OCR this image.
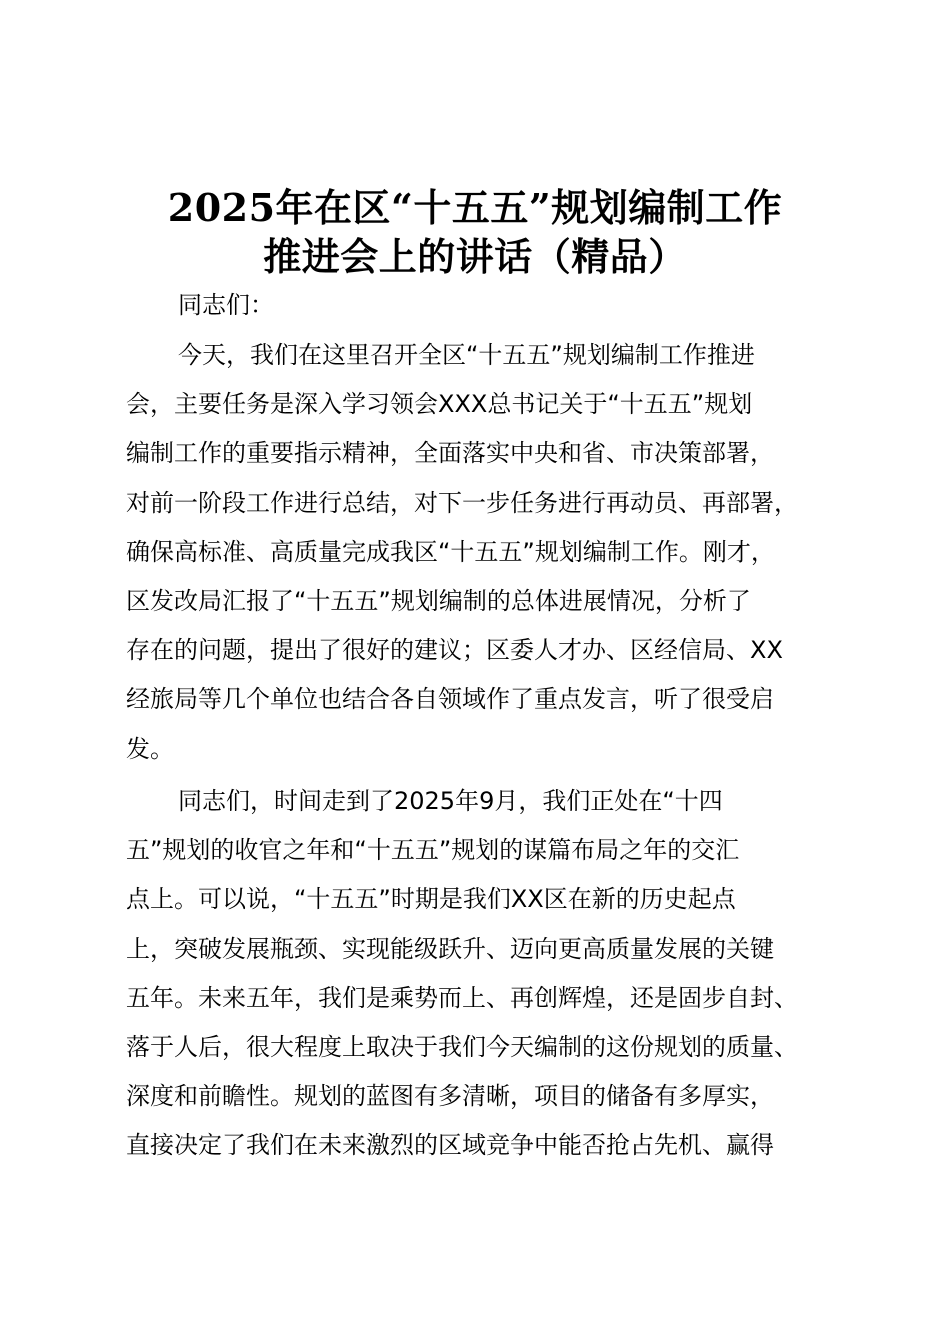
2025年在区“十五五”规划编制工作
推进会上的讲话（精品）

同志们：

今天，我们在这里召开全区“十五五”规划编制工作推进
会，主要任务是深入学习领会XXX总书记关于“十五五”规划
编制工作的重要指示精神，全面落实中央和省、市决策部署，
对前一阶段工作进行总结，对下一步任务进行再动员、再部署，
确保高标准、高质量完成我区“十五五”规划编制工作。刚才，
区发改局汇报了“十五五”规划编制的总体进展情况，分析了
存在的问题，提出了很好的建议；区委人才办、区经信局、XX
经旅局等几个单位也结合各自领域作了重点发言，听了很受启
发。
同志们，时间走到了2025年9月，我们正处在“十四
五”规划的收官之年和“十五五”规划的谋篇布局之年的交汇
点上。可以说，“十五五”时期是我们XX区在新的历史起点
上，突破发展瓶颈、实现能级跃升、迈向更高质量发展的关键
五年。未来五年，我们是乘势而上、再创辉煌，还是固步自封、
落于人后，很大程度上取决于我们今天编制的这份规划的质量、
深度和前瞻性。规划的蓝图有多清晰，项目的储备有多厚实，
直接决定了我们在未来激烈的区域竞争中能否抢占先机、赢得
